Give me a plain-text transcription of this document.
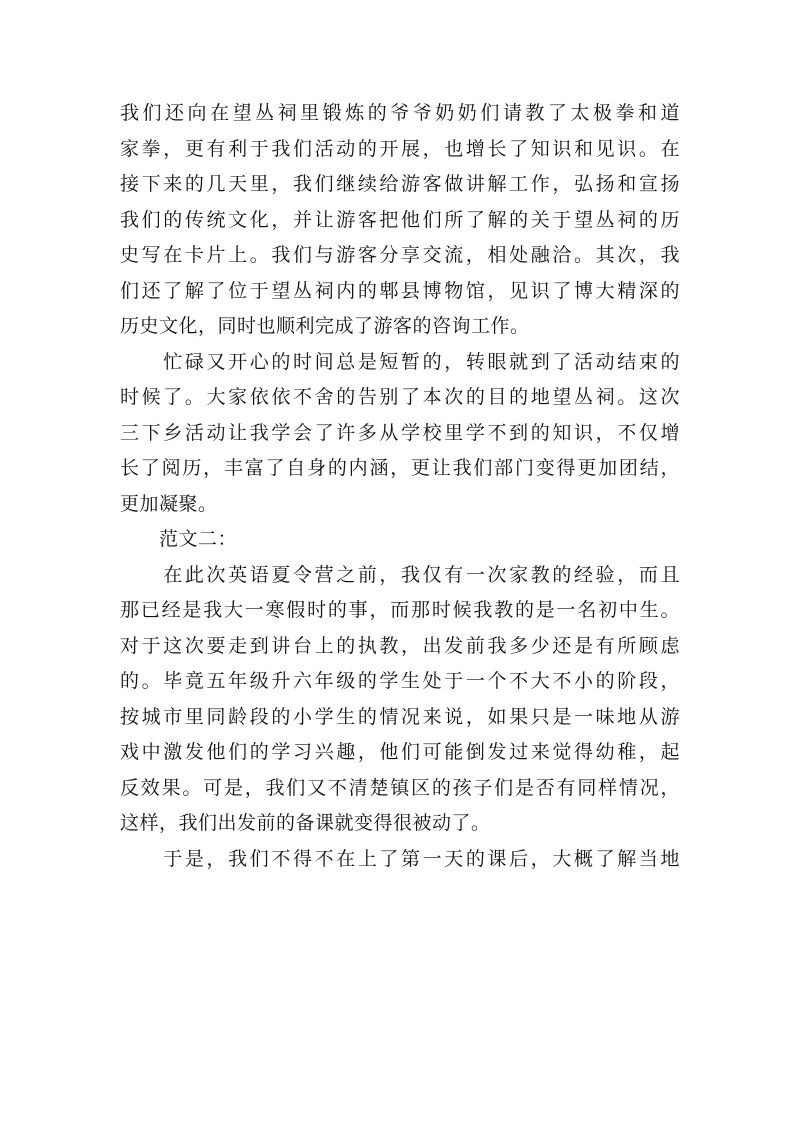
我们还向在望丛祠里锻炼的爷爷奶奶们请教了太极拳和道
家拳，更有利于我们活动的开展，也增长了知识和见识。在
接下来的几天里，我们继续给游客做讲解工作，弘扬和宣扬
我们的传统文化，并让游客把他们所了解的关于望丛祠的历
史写在卡片上。我们与游客分享交流，相处融洽。其次，我
们还了解了位于望丛祠内的郫县博物馆，见识了博大精深的
历史文化，同时也顺利完成了游客的咨询工作。
　　忙碌又开心的时间总是短暂的，转眼就到了活动结束的
时候了。大家依依不舍的告别了本次的目的地望丛祠。这次
三下乡活动让我学会了许多从学校里学不到的知识，不仅增
长了阅历，丰富了自身的内涵，更让我们部门变得更加团结，
更加凝聚。
　　范文二：
　　在此次英语夏令营之前，我仅有一次家教的经验，而且
那已经是我大一寒假时的事，而那时候我教的是一名初中生。
对于这次要走到讲台上的执教，出发前我多少还是有所顾虑
的。毕竟五年级升六年级的学生处于一个不大不小的阶段，
按城市里同龄段的小学生的情况来说，如果只是一味地从游
戏中激发他们的学习兴趣，他们可能倒发过来觉得幼稚，起
反效果。可是，我们又不清楚镇区的孩子们是否有同样情况，
这样，我们出发前的备课就变得很被动了。
　　于是，我们不得不在上了第一天的课后，大概了解当地
